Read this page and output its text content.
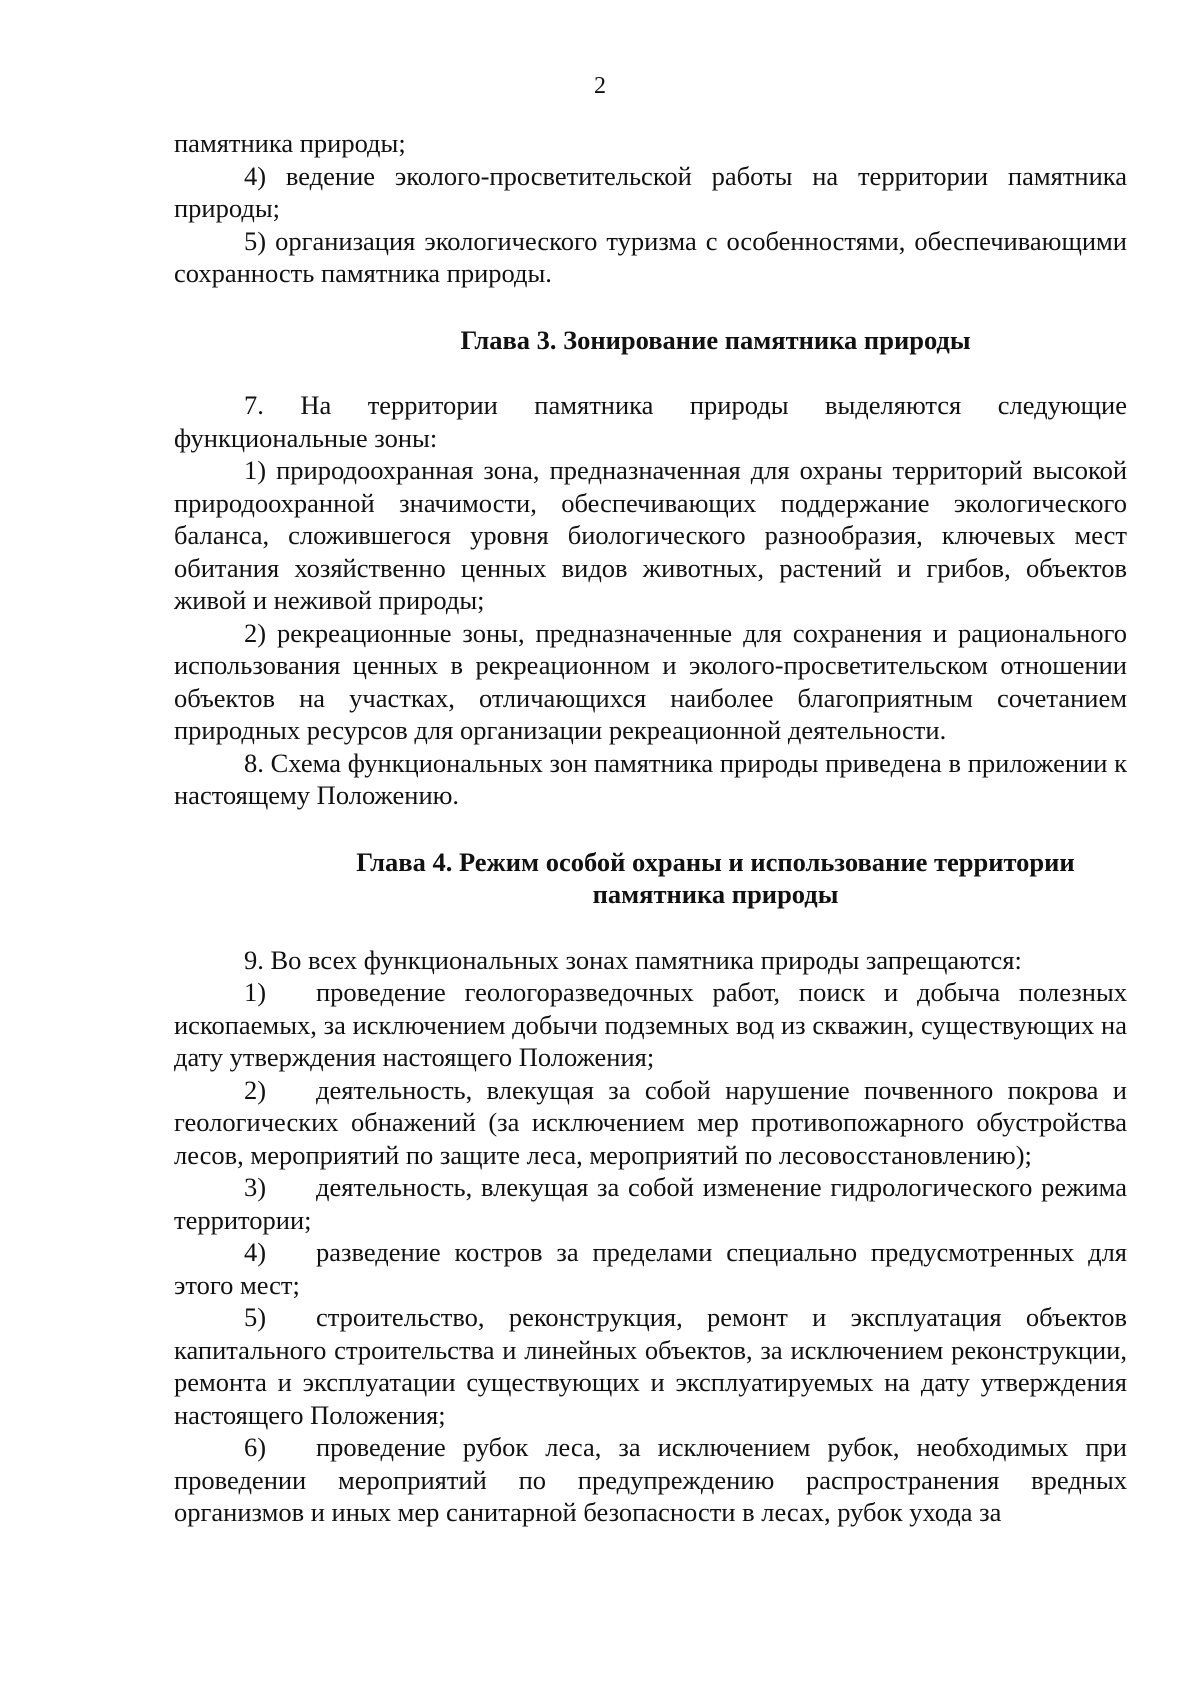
2

памятника природы;

4) ведение эколого-просветительской работы на территории памятника природы;

5) организация экологического туризма с особенностями, обеспечивающими сохранность памятника природы.

Глава 3. Зонирование памятника природы

7. На территории памятника природы выделяются следующие функциональные зоны:

1) природоохранная зона, предназначенная для охраны территорий высокой природоохранной значимости, обеспечивающих поддержание экологического баланса, сложившегося уровня биологического разнообразия, ключевых мест обитания хозяйственно ценных видов животных, растений и грибов, объектов живой и неживой природы;

2) рекреационные зоны, предназначенные для сохранения и рационального использования ценных в рекреационном и эколого-просветительском отношении объектов на участках, отличающихся наиболее благоприятным сочетанием природных ресурсов для организации рекреационной деятельности.

8. Схема функциональных зон памятника природы приведена в приложении к настоящему Положению.

Глава 4. Режим особой охраны и использование территории

памятника природы

9. Во всех функциональных зонах памятника природы запрещаются:

1) проведение геологоразведочных работ, поиск и добыча полезных ископаемых, за исключением добычи подземных вод из скважин, существующих на дату утверждения настоящего Положения;

2) деятельность, влекущая за собой нарушение почвенного покрова и геологических обнажений (за исключением мер противопожарного обустройства лесов, мероприятий по защите леса, мероприятий по лесовосстановлению);

3) деятельность, влекущая за собой изменение гидрологического режима территории;

4) разведение костров за пределами специально предусмотренных для этого мест;

5) строительство, реконструкция, ремонт и эксплуатация объектов капитального строительства и линейных объектов, за исключением реконструкции, ремонта и эксплуатации существующих и эксплуатируемых на дату утверждения настоящего Положения;

6) проведение рубок леса, за исключением рубок, необходимых при проведении мероприятий по предупреждению распространения вредных организмов и иных мер санитарной безопасности в лесах, рубок ухода за
